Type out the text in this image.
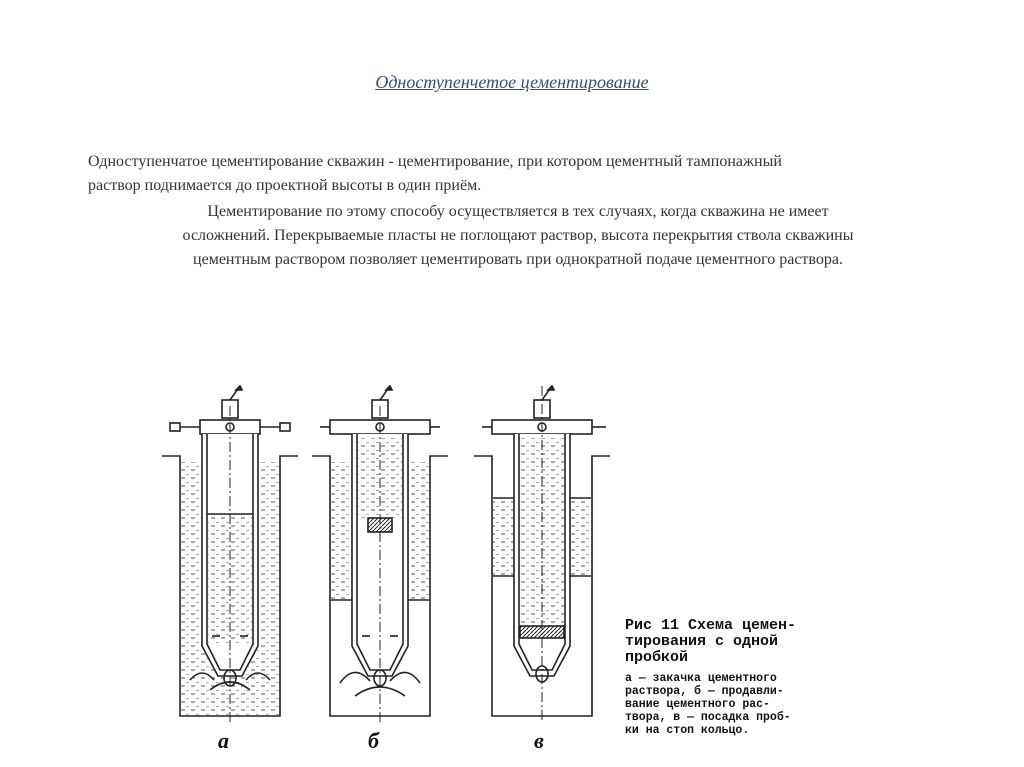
Одноступенчетое цементирование
Одноступенчатое цементирование скважин - цементирование, при котором цементный тампонажный
раствор поднимается до проектной высоты в один приём.
Цементирование по этому способу осуществляется в тех случаях, когда скважина не имеет
осложнений. Перекрываемые пласты не поглощают раствор, высота перекрытия ствола скважины
цементным раствором позволяет цементировать при однократной подаче цементного раствора.
Рис 11 Схема цемен-
тирования с одной
пробкой
а — закачка цементного
раствора, б — продавли-
вание цементного рас-
твора, в — посадка проб-
ки на стоп кольцо.
а	б	в
